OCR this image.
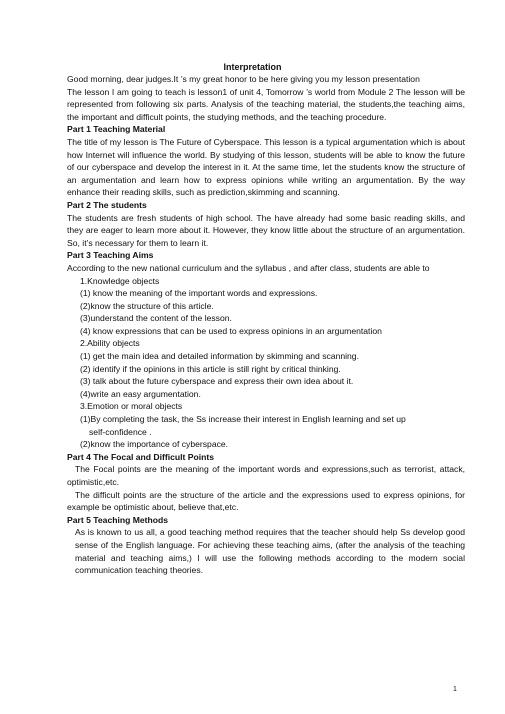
Interpretation

Good morning, dear judges.It ’s my great honor to be here giving you my lesson presentation

The lesson I am going to teach is lesson1 of unit 4, Tomorrow ’s world from Module 2 The lesson will be represented from following six parts. Analysis of the teaching material, the students,the teaching aims, the important and difficult points, the studying methods, and the teaching procedure.

Part 1 Teaching Material

The title of my lesson is The Future of Cyberspace. This lesson is a typical argumentation which is about how Internet will influence the world. By studying of this lesson, students will be able to know the future of our cyberspace and develop the interest in it. At the same time, let the students know the structure of an argumentation and learn how to express opinions while writing an argumentation. By the way enhance their reading skills, such as prediction,skimming and scanning.

Part 2 The students

The students are fresh students of high school. The have already had some basic reading skills, and they are eager to learn more about it. However, they know little about the structure of an argumentation. So, it’s necessary for them to learn it.

Part 3 Teaching Aims

According to the new national curriculum and the syllabus , and after class, students are able to

1.Knowledge objects

(1) know the meaning of the important words and expressions.

(2)know the structure of this article.

(3)understand the content of the lesson.

(4) know expressions that can be used to express opinions in an argumentation

2.Ability objects

(1) get the main idea and detailed information by skimming and scanning.

(2) identify if the opinions in this article is still right by critical thinking.

(3) talk about the future cyberspace and express their own idea about it.

(4)write an easy argumentation.

3.Emotion or moral objects

(1)By completing the task, the Ss increase their interest in English learning and set up

self-confidence .

(2)know the importance of cyberspace.

Part 4 The Focal and Difficult Points

The Focal points are the meaning of the important words and expressions,such as terrorist, attack, optimistic,etc.

The difficult points are the structure of the article and the expressions used to express opinions, for example be optimistic about, believe that,etc.

Part 5 Teaching Methods

As is known to us all, a good teaching method requires that the teacher should help Ss develop good sense of the English language. For achieving these teaching aims, (after the analysis of the teaching material and teaching aims,) I will use the following methods according to the modern social communication teaching theories.

1
